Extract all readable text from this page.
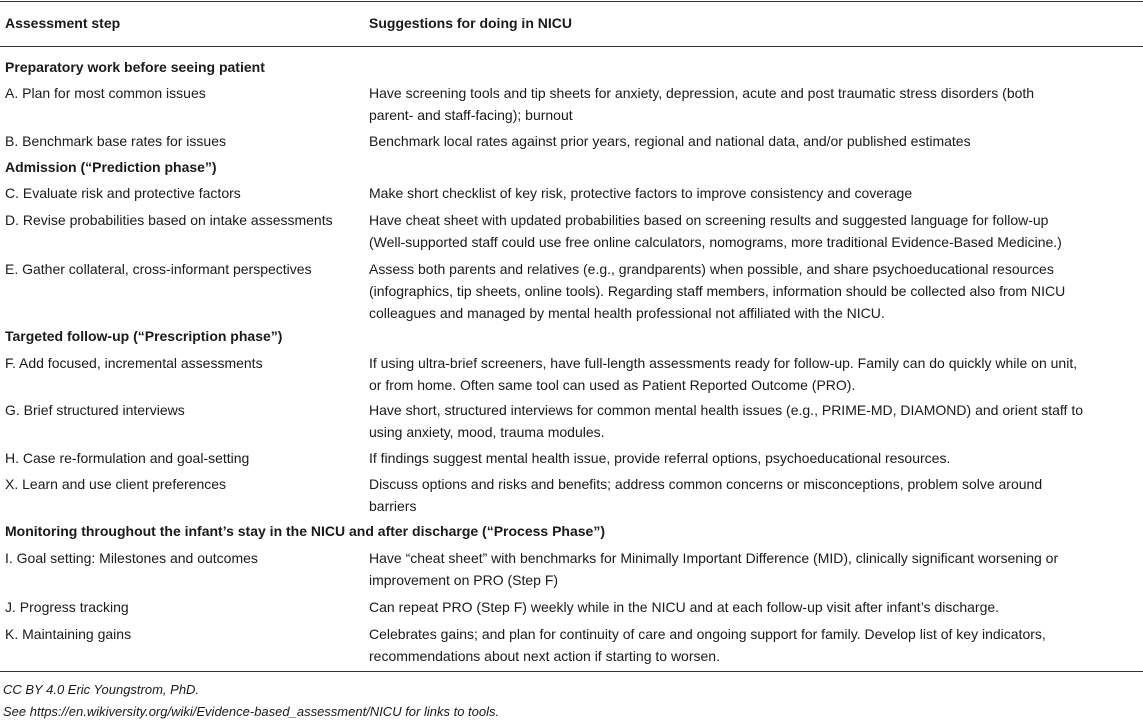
Assessment step	Suggestions for doing in NICU
Preparatory work before seeing patient
A. Plan for most common issues	Have screening tools and tip sheets for anxiety, depression, acute and post traumatic stress disorders (both
parent- and staff-facing); burnout
B. Benchmark base rates for issues	Benchmark local rates against prior years, regional and national data, and/or published estimates
Admission (“Prediction phase”)
C. Evaluate risk and protective factors	Make short checklist of key risk, protective factors to improve consistency and coverage
D. Revise probabilities based on intake assessments	Have cheat sheet with updated probabilities based on screening results and suggested language for follow-up
(Well-supported staff could use free online calculators, nomograms, more traditional Evidence-Based Medicine.)
E. Gather collateral, cross-informant perspectives	Assess both parents and relatives (e.g., grandparents) when possible, and share psychoeducational resources
(infographics, tip sheets, online tools). Regarding staff members, information should be collected also from NICU
colleagues and managed by mental health professional not affiliated with the NICU.
Targeted follow-up (“Prescription phase”)
F. Add focused, incremental assessments	If using ultra-brief screeners, have full-length assessments ready for follow-up. Family can do quickly while on unit,
or from home. Often same tool can used as Patient Reported Outcome (PRO).
G. Brief structured interviews	Have short, structured interviews for common mental health issues (e.g., PRIME-MD, DIAMOND) and orient staff to
using anxiety, mood, trauma modules.
H. Case re-formulation and goal-setting	If findings suggest mental health issue, provide referral options, psychoeducational resources.
X. Learn and use client preferences	Discuss options and risks and benefits; address common concerns or misconceptions, problem solve around
barriers
Monitoring throughout the infant’s stay in the NICU and after discharge (“Process Phase”)
I. Goal setting: Milestones and outcomes	Have “cheat sheet” with benchmarks for Minimally Important Difference (MID), clinically significant worsening or
improvement on PRO (Step F)
J. Progress tracking	Can repeat PRO (Step F) weekly while in the NICU and at each follow-up visit after infant’s discharge.
K. Maintaining gains	Celebrates gains; and plan for continuity of care and ongoing support for family. Develop list of key indicators,
recommendations about next action if starting to worsen.
CC BY 4.0 Eric Youngstrom, PhD.
See https://en.wikiversity.org/wiki/Evidence-based_assessment/NICU for links to tools.
